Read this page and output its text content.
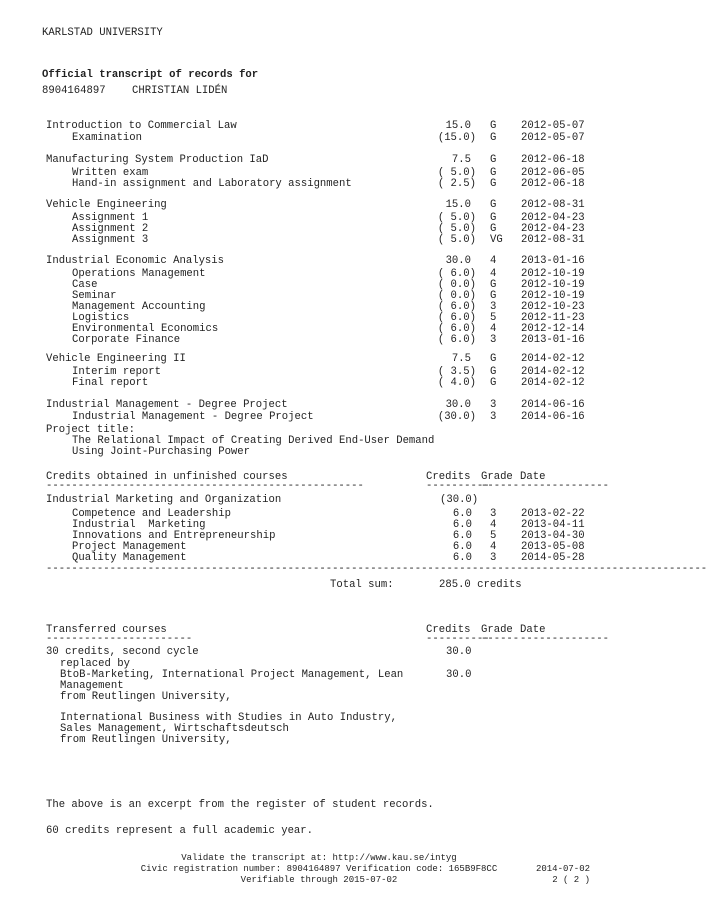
KARLSTAD UNIVERSITY
Official transcript of records for
8904164897 CHRISTIAN LIDÉN
Introduction to Commercial Law	15.0 G 2012-05-07
Examination	(15.0) G 2012-05-07
Manufacturing System Production IaD	7.5 G 2012-06-18
Written exam	( 5.0) G 2012-06-05
Hand-in assignment and Laboratory assignment	( 2.5) G 2012-06-18
Vehicle Engineering	15.0 G 2012-08-31
Assignment 1	( 5.0) G 2012-04-23
Assignment 2	( 5.0) G 2012-04-23
Assignment 3	( 5.0) VG 2012-08-31
Industrial Economic Analysis	30.0 4 2013-01-16
Operations Management	( 6.0) 4 2012-10-19
Case	( 0.0) G 2012-10-19
Seminar	( 0.0) G 2012-10-19
Management Accounting	( 6.0) 3 2012-10-23
Logistics	( 6.0) 5 2012-11-23
Environmental Economics	( 6.0) 4 2012-12-14
Corporate Finance	( 6.0) 3 2013-01-16
Vehicle Engineering II	7.5 G 2014-02-12
Interim report	( 3.5) G 2014-02-12
Final report	( 4.0) G 2014-02-12
Industrial Management - Degree Project	30.0 3 2014-06-16
Industrial Management - Degree Project	(30.0) 3 2014-06-16
Project title:
The Relational Impact of Creating Derived End-User Demand
Using Joint-Purchasing Power
Credits obtained in unfinished courses	Credits Grade Date
--------------------------------------------------	----------
------ --------------
Industrial Marketing and Organization	(30.0)
Competence and Leadership	6.0 3 2013-02-22
Industrial  Marketing	6.0 4 2013-04-11
Innovations and Entrepreneurship	6.0 5 2013-04-30
Project Management	6.0 4 2013-05-08
Quality Management	6.0 3 2014-05-28
--------------------------------------------------------------------------------------------------------
Total sum:	285.0 credits
Transferred courses	Credits Grade Date
-----------------------	----------
------ --------------
30 credits, second cycle	30.0
replaced by
BtoB-Marketing, International Project Management, Lean	30.0
Management
from Reutlingen University,
International Business with Studies in Auto Industry,
Sales Management, Wirtschaftsdeutsch
from Reutlingen University,
The above is an excerpt from the register of student records.
60 credits represent a full academic year.
Validate the transcript at: http://www.kau.se/intyg
Civic registration number: 8904164897 Verification code: 165B9F8CC
Verifiable through 2015-07-02
2014-07-02
2 ( 2 )
